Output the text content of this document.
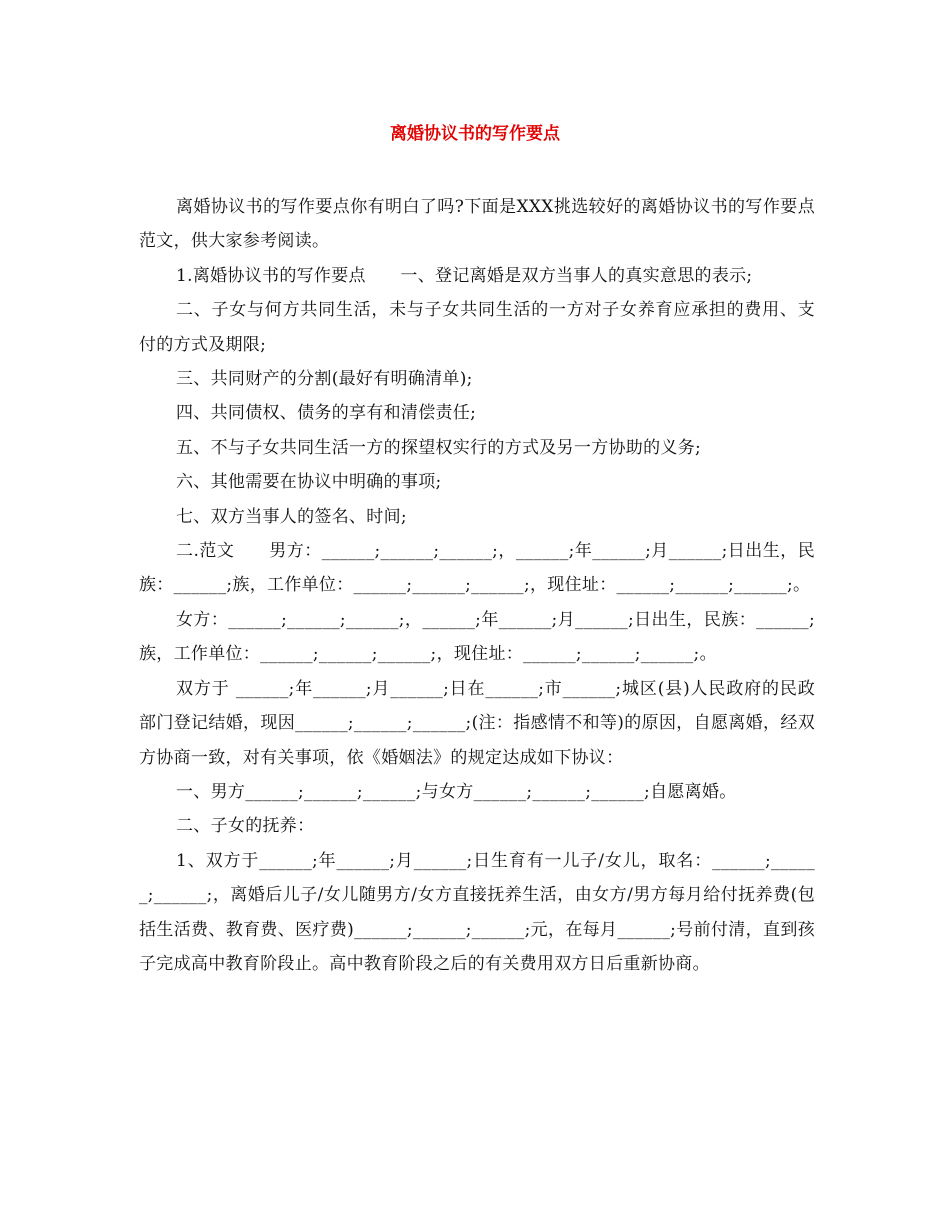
离婚协议书的写作要点

离婚协议书的写作要点你有明白了吗?下面是XXX挑选较好的离婚协议书的写作要点范文，供大家参考阅读。

1.离婚协议书的写作要点　　一、登记离婚是双方当事人的真实意思的表示;

二、子女与何方共同生活，未与子女共同生活的一方对子女养育应承担的费用、支付的方式及期限;

三、共同财产的分割(最好有明确清单);

四、共同债权、债务的享有和清偿责任;

五、不与子女共同生活一方的探望权实行的方式及另一方协助的义务;

六、其他需要在协议中明确的事项;

七、双方当事人的签名、时间;

二.范文　　男方：______;______;______;，______;年______;月______;日出生，民族：______;族，工作单位：______;______;______;，现住址：______;______;______;。

女方：______;______;______;，______;年______;月______;日出生，民族：______;族，工作单位：______;______;______;，现住址：______;______;______;。

双方于 ______;年______;月______;日在______;市______;城区(县)人民政府的民政部门登记结婚，现因______;______;______;(注：指感情不和等)的原因，自愿离婚，经双方协商一致，对有关事项，依《婚姻法》的规定达成如下协议：

一、男方______;______;______;与女方______;______;______;自愿离婚。

二、子女的抚养：

1、双方于______;年______;月______;日生育有一儿子/女儿，取名：______;______;______;，离婚后儿子/女儿随男方/女方直接抚养生活，由女方/男方每月给付抚养费(包括生活费、教育费、医疗费)______;______;______;元，在每月______;号前付清，直到孩子完成高中教育阶段止。高中教育阶段之后的有关费用双方日后重新协商。
